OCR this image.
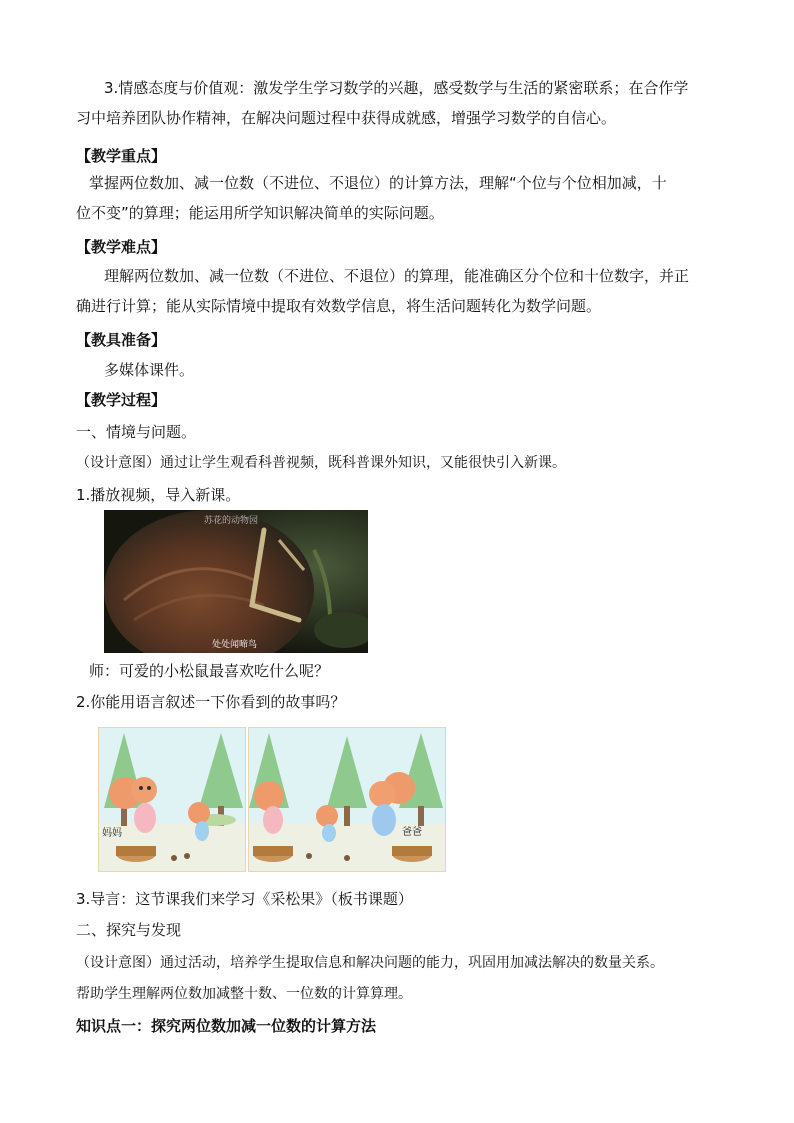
3.情感态度与价值观：激发学生学习数学的兴趣，感受数学与生活的紧密联系；在合作学
习中培养团队协作精神，在解决问题过程中获得成就感，增强学习数学的自信心。
【教学重点】
掌握两位数加、减一位数（不进位、不退位）的计算方法，理解“个位与个位相加减，十
位不变”的算理；能运用所学知识解决简单的实际问题。
【教学难点】
理解两位数加、减一位数（不进位、不退位）的算理，能准确区分个位和十位数字，并正
确进行计算；能从实际情境中提取有效数学信息，将生活问题转化为数学问题。
【教具准备】
多媒体课件。
【教学过程】
一、情境与问题。
（设计意图）通过让学生观看科普视频，既科普课外知识，又能很快引入新课。
1.播放视频，导入新课。
苏花的动物园
处处闻啼鸟
师：可爱的小松鼠最喜欢吃什么呢？
2.你能用语言叙述一下你看到的故事吗？
妈妈	爸爸
3.导言：这节课我们来学习《采松果》（板书课题）
二、探究与发现
（设计意图）通过活动，培养学生提取信息和解决问题的能力，巩固用加减法解决的数量关系。
帮助学生理解两位数加减整十数、一位数的计算算理。
知识点一：探究两位数加减一位数的计算方法
